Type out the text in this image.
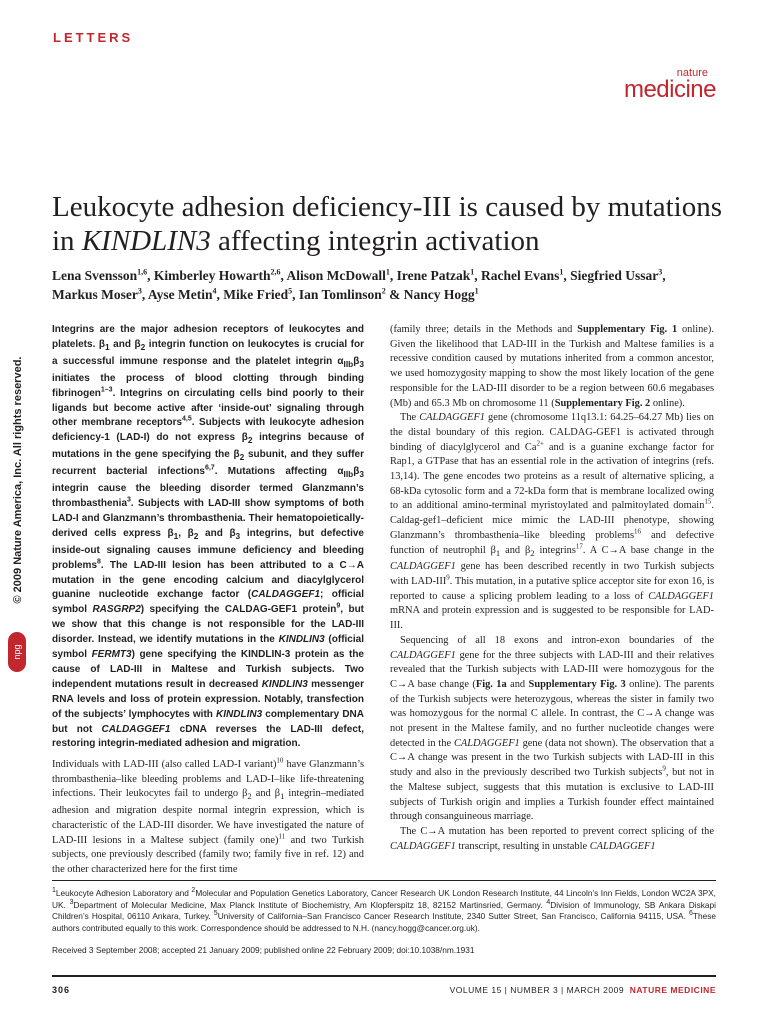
LETTERS
nature
medicine
© 2009 Nature America, Inc. All rights reserved.
npg
Leukocyte adhesion deficiency-III is caused by mutations in KINDLIN3 affecting integrin activation
Lena Svensson$^{1,6}$, Kimberley Howarth$^{2,6}$, Alison McDowall$^1$, Irene Patzak$^1$, Rachel Evans$^1$, Siegfried Ussar$^3$,
Markus Moser$^3$, Ayse Metin$^4$, Mike Fried$^5$, Ian Tomlinson$^2$ & Nancy Hogg$^1$
Integrins are the major adhesion receptors of leukocytes and platelets. $\beta_1$ and $\beta_2$ integrin function on leukocytes is crucial for a successful immune response and the platelet integrin $\alpha_{IIb}\beta_3$ initiates the process of blood clotting through binding fibrinogen$^{1-3}$. Integrins on circulating cells bind poorly to their ligands but become active after ‘inside-out’ signaling through other membrane receptors$^{4,5}$. Subjects with leukocyte adhesion deficiency-1 (LAD-I) do not express $\beta_2$ integrins because of mutations in the gene specifying the $\beta_2$ subunit, and they suffer recurrent bacterial infections$^{6,7}$. Mutations affecting $\alpha_{IIb}\beta_3$ integrin cause the bleeding disorder termed Glanzmann’s thrombasthenia$^3$. Subjects with LAD-III show symptoms of both LAD-I and Glanzmann’s thrombasthenia. Their hematopoietically-derived cells express $\beta_1$, $\beta_2$ and $\beta_3$ integrins, but defective inside-out signaling causes immune deficiency and bleeding problems$^8$. The LAD-III lesion has been attributed to a C→A mutation in the gene encoding calcium and diacylglycerol guanine nucleotide exchange factor (CALDAGGEF1; official symbol RASGRP2) specifying the CALDAG-GEF1 protein$^9$, but we show that this change is not responsible for the LAD-III disorder. Instead, we identify mutations in the KINDLIN3 (official symbol FERMT3) gene specifying the KINDLIN-3 protein as the cause of LAD-III in Maltese and Turkish subjects. Two independent mutations result in decreased KINDLIN3 messenger RNA levels and loss of protein expression. Notably, transfection of the subjects’ lymphocytes with KINDLIN3 complementary DNA but not CALDAGGEF1 cDNA reverses the LAD-III defect, restoring integrin-mediated adhesion and migration.

Individuals with LAD-III (also called LAD-I variant)$^{10}$ have Glanzmann’s thrombasthenia–like bleeding problems and LAD-I–like life-threatening infections. Their leukocytes fail to undergo $\beta_2$ and $\beta_1$ integrin–mediated adhesion and migration despite normal integrin expression, which is characteristic of the LAD-III disorder. We have investigated the nature of LAD-III lesions in a Maltese subject (family one)$^{11}$ and two Turkish subjects, one previously described (family two; family five in ref. 12) and the other characterized here for the first time

(family three; details in the Methods and Supplementary Fig. 1 online). Given the likelihood that LAD-III in the Turkish and Maltese families is a recessive condition caused by mutations inherited from a common ancestor, we used homozygosity mapping to show the most likely location of the gene responsible for the LAD-III disorder to be a region between 60.6 megabases (Mb) and 65.3 Mb on chromosome 11 (Supplementary Fig. 2 online).

The CALDAGGEF1 gene (chromosome 11q13.1: 64.25–64.27 Mb) lies on the distal boundary of this region. CALDAG-GEF1 is activated through binding of diacylglycerol and $Ca^{2+}$ and is a guanine exchange factor for Rap1, a GTPase that has an essential role in the activation of integrins (refs. 13,14). The gene encodes two proteins as a result of alternative splicing, a 68-kDa cytosolic form and a 72-kDa form that is membrane localized owing to an additional amino-terminal myristoylated and palmitoylated domain$^{15}$. Caldag-gef1–deficient mice mimic the LAD-III phenotype, showing Glanzmann’s thrombasthenia–like bleeding problems$^{16}$ and defective function of neutrophil $\beta_1$ and $\beta_2$ integrins$^{17}$. A C→A base change in the CALDAGGEF1 gene has been described recently in two Turkish subjects with LAD-III$^9$. This mutation, in a putative splice acceptor site for exon 16, is reported to cause a splicing problem leading to a loss of CALDAGGEF1 mRNA and protein expression and is suggested to be responsible for LAD-III.

Sequencing of all 18 exons and intron-exon boundaries of the CALDAGGEF1 gene for the three subjects with LAD-III and their relatives revealed that the Turkish subjects with LAD-III were homozygous for the C→A base change (Fig. 1a and Supplementary Fig. 3 online). The parents of the Turkish subjects were heterozygous, whereas the sister in family two was homozygous for the normal C allele. In contrast, the C→A change was not present in the Maltese family, and no further nucleotide changes were detected in the CALDAGGEF1 gene (data not shown). The observation that a C→A change was present in the two Turkish subjects with LAD-III in this study and also in the previously described two Turkish subjects$^9$, but not in the Maltese subject, suggests that this mutation is exclusive to LAD-III subjects of Turkish origin and implies a Turkish founder effect maintained through consanguineous marriage.

The C→A mutation has been reported to prevent correct splicing of the CALDAGGEF1 transcript, resulting in unstable CALDAGGEF1

$^1$Leukocyte Adhesion Laboratory and $^2$Molecular and Population Genetics Laboratory, Cancer Research UK London Research Institute, 44 Lincoln’s Inn Fields, London WC2A 3PX, UK. $^3$Department of Molecular Medicine, Max Planck Institute of Biochemistry, Am Klopferspitz 18, 82152 Martinsried, Germany. $^4$Division of Immunology, SB Ankara Diskapi Children’s Hospital, 06110 Ankara, Turkey. $^5$University of California–San Francisco Cancer Research Institute, 2340 Sutter Street, San Francisco, California 94115, USA. $^6$These authors contributed equally to this work. Correspondence should be addressed to N.H. (nancy.hogg@cancer.org.uk).
Received 3 September 2008; accepted 21 January 2009; published online 22 February 2009; doi:10.1038/nm.1931
306	VOLUME 15 | NUMBER 3 | MARCH 2009 NATURE MEDICINE
